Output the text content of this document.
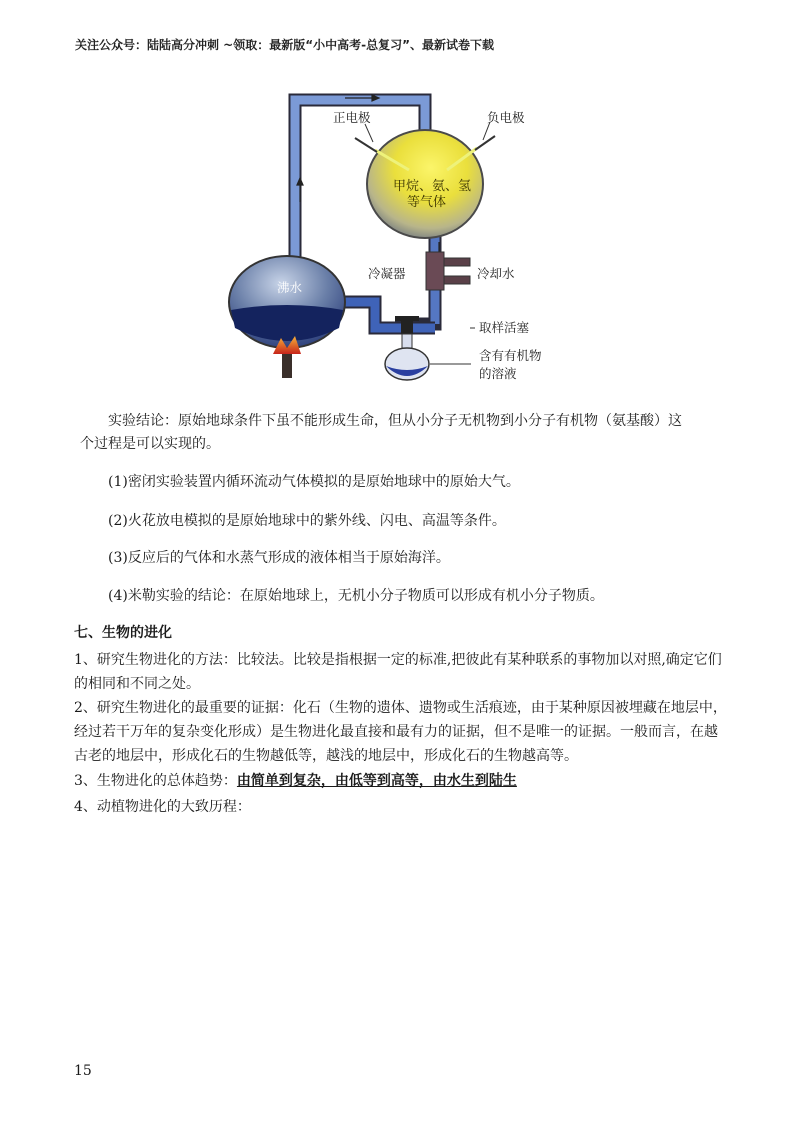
关注公众号：陆陆高分冲刺 ~领取：最新版“小中高考-总复习”、最新试卷下载
正电极	负电极
甲烷、氨、氢
等气体
冷凝器	冷却水
沸水
取样活塞
含有有机物
的溶液
实验结论：原始地球条件下虽不能形成生命，但从小分子无机物到小分子有机物（氨基酸）这
个过程是可以实现的。
(1)密闭实验装置内循环流动气体模拟的是原始地球中的原始大气。
(2)火花放电模拟的是原始地球中的紫外线、闪电、高温等条件。
(3)反应后的气体和水蒸气形成的液体相当于原始海洋。
(4)米勒实验的结论：在原始地球上，无机小分子物质可以形成有机小分子物质。
七、生物的进化
1、研究生物进化的方法：比较法。比较是指根据一定的标准,把彼此有某种联系的事物加以对照,确定它们
的相同和不同之处。
2、研究生物进化的最重要的证据：化石（生物的遗体、遗物或生活痕迹，由于某种原因被埋藏在地层中，
经过若干万年的复杂变化形成）是生物进化最直接和最有力的证据，但不是唯一的证据。一般而言，在越
古老的地层中，形成化石的生物越低等，越浅的地层中，形成化石的生物越高等。
3、生物进化的总体趋势：由简单到复杂，由低等到高等，由水生到陆生
4、动植物进化的大致历程：
15
